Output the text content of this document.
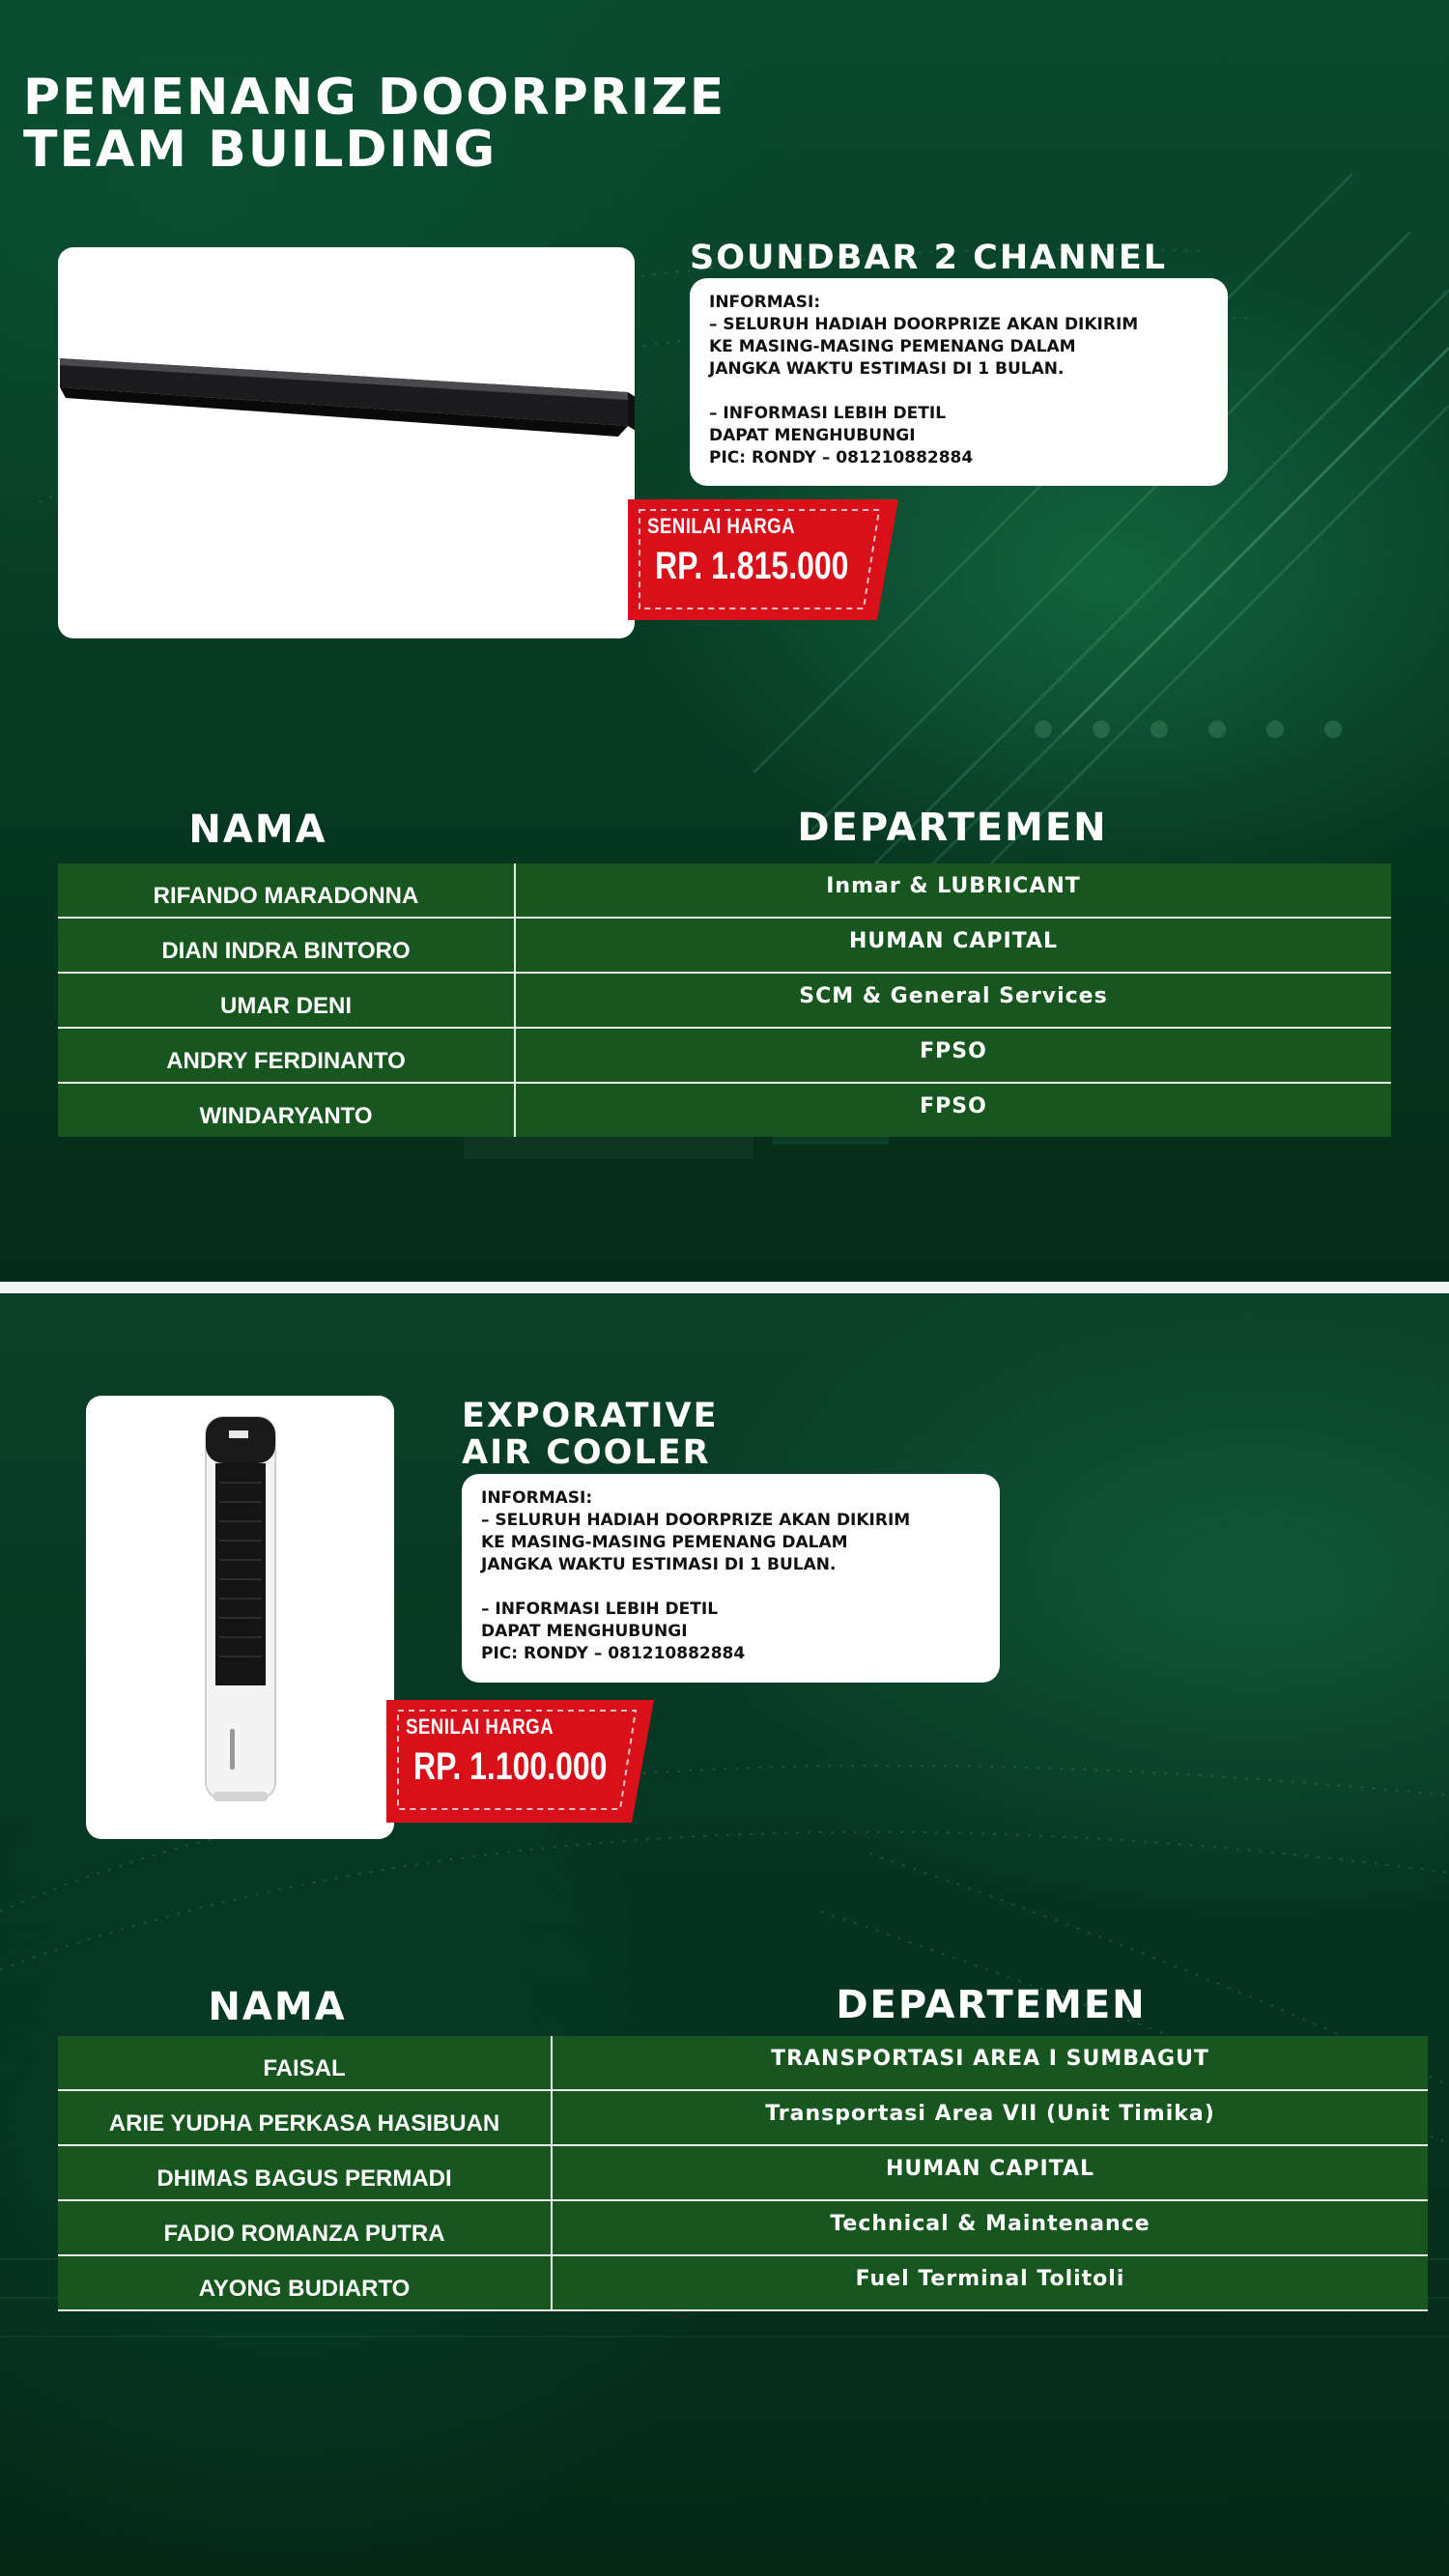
PEMENANG DOORPRIZE
TEAM BUILDING
SOUNDBAR 2 CHANNEL
INFORMASI:
– SELURUH HADIAH DOORPRIZE AKAN DIKIRIM
KE MASING-MASING PEMENANG DALAM
JANGKA WAKTU ESTIMASI DI 1 BULAN.
– INFORMASI LEBIH DETIL
DAPAT MENGHUBUNGI
PIC: RONDY – 081210882884
SENILAI HARGA
RP. 1.815.000
NAMA	DEPARTEMEN
RIFANDO MARADONNA	Inmar & LUBRICANT
DIAN INDRA BINTORO	HUMAN CAPITAL
UMAR DENI	SCM & General Services
ANDRY FERDINANTO	FPSO
WINDARYANTO	FPSO
EXPORATIVE
AIR COOLER
INFORMASI:
– SELURUH HADIAH DOORPRIZE AKAN DIKIRIM
KE MASING-MASING PEMENANG DALAM
JANGKA WAKTU ESTIMASI DI 1 BULAN.
– INFORMASI LEBIH DETIL
DAPAT MENGHUBUNGI
PIC: RONDY – 081210882884
SENILAI HARGA
RP. 1.100.000
NAMA	DEPARTEMEN
FAISAL	TRANSPORTASI AREA I SUMBAGUT
ARIE YUDHA PERKASA HASIBUAN	Transportasi Area VII (Unit Timika)
DHIMAS BAGUS PERMADI	HUMAN CAPITAL
FADIO ROMANZA PUTRA	Technical & Maintenance
AYONG BUDIARTO	Fuel Terminal Tolitoli
